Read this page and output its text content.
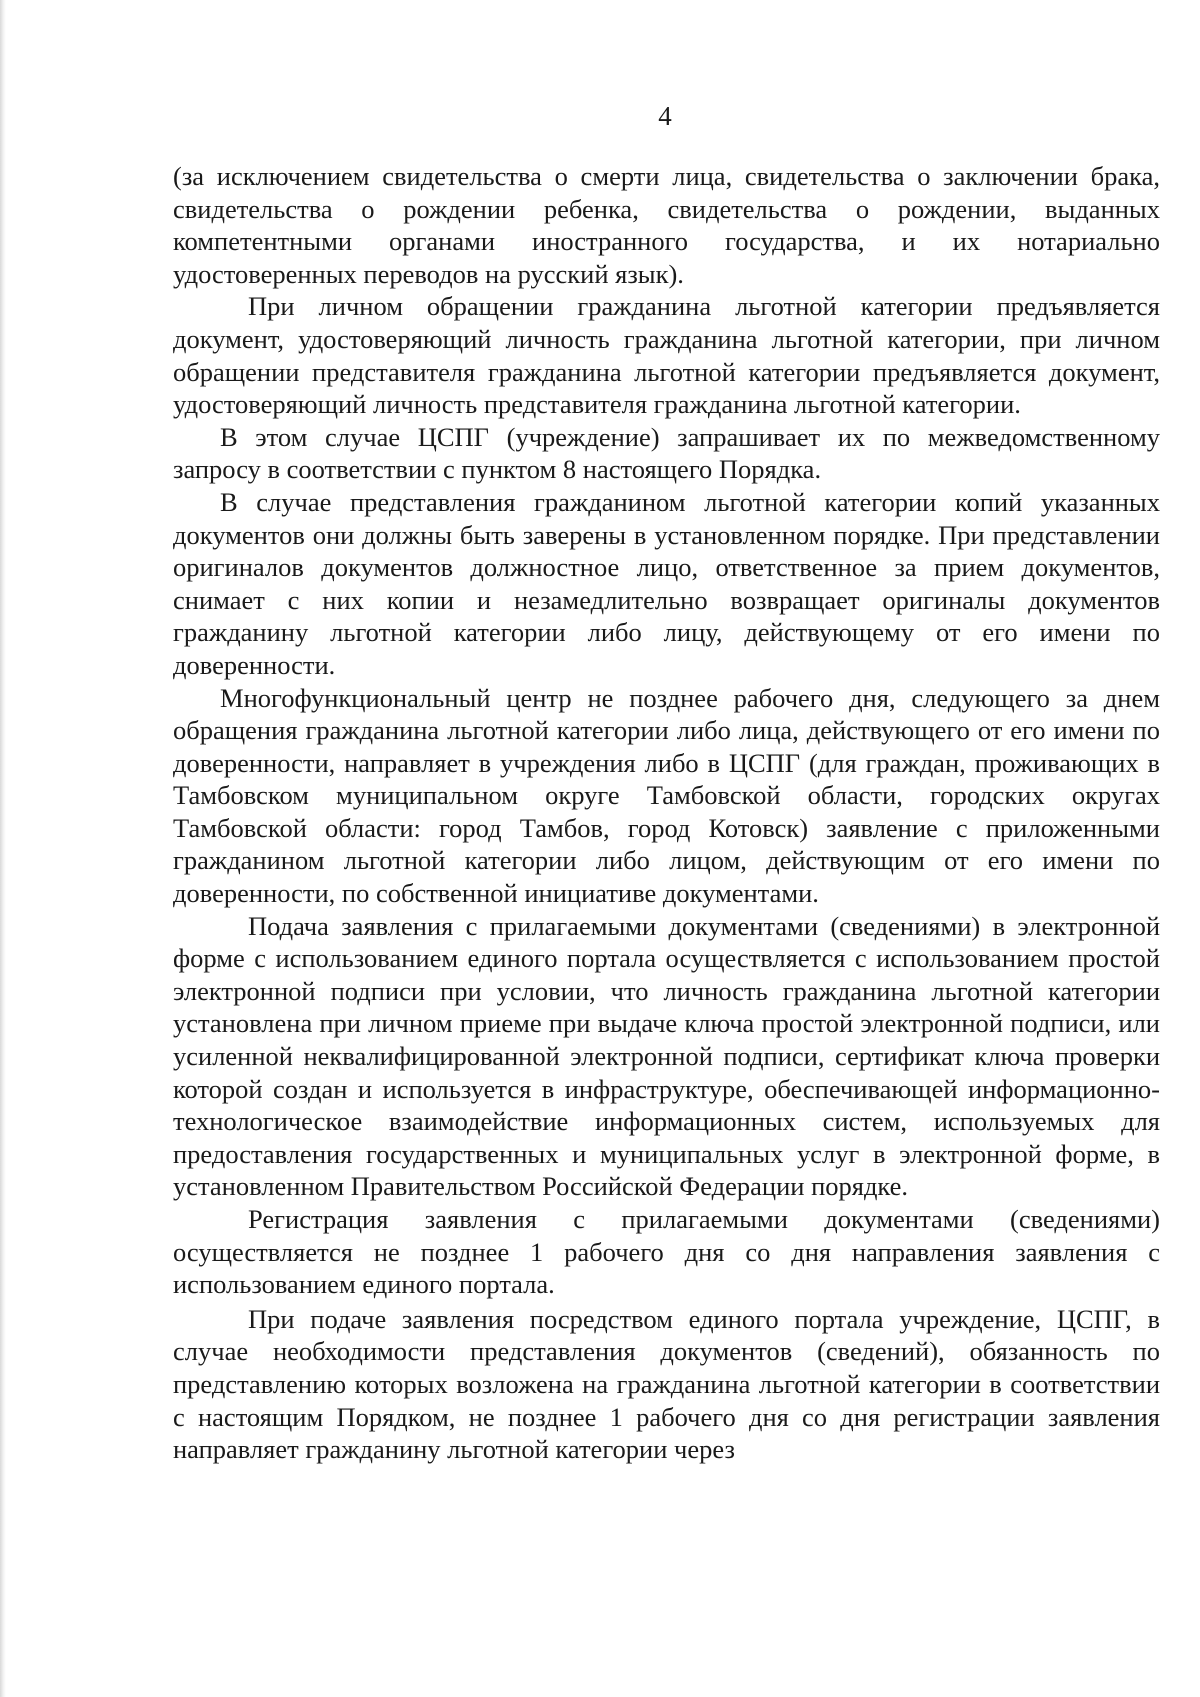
4

(за исключением свидетельства о смерти лица, свидетельства о заключении брака, свидетельства о рождении ребенка, свидетельства о рождении, выданных компетентными органами иностранного государства, и их нотариально удостоверенных переводов на русский язык).

При личном обращении гражданина льготной категории предъявляется документ, удостоверяющий личность гражданина льготной категории, при личном обращении представителя гражданина льготной категории предъявляется документ, удостоверяющий личность представителя гражданина льготной категории.

В этом случае ЦСПГ (учреждение) запрашивает их по межведомственному запросу в соответствии с пунктом 8 настоящего Порядка.

В случае представления гражданином льготной категории копий указанных документов они должны быть заверены в установленном порядке. При представлении оригиналов документов должностное лицо, ответственное за прием документов, снимает с них копии и незамедлительно возвращает оригиналы документов гражданину льготной категории либо лицу, действующему от его имени по доверенности.

Многофункциональный центр не позднее рабочего дня, следующего за днем обращения гражданина льготной категории либо лица, действующего от его имени по доверенности, направляет в учреждения либо в ЦСПГ (для граждан, проживающих в Тамбовском муниципальном округе Тамбовской области, городских округах Тамбовской области: город Тамбов, город Котовск) заявление с приложенными гражданином льготной категории либо лицом, действующим от его имени по доверенности, по собственной инициативе документами.

Подача заявления с прилагаемыми документами (сведениями) в электронной форме с использованием единого портала осуществляется с использованием простой электронной подписи при условии, что личность гражданина льготной категории установлена при личном приеме при выдаче ключа простой электронной подписи, или усиленной неквалифицированной электронной подписи, сертификат ключа проверки которой создан и используется в инфраструктуре, обеспечивающей информационно-технологическое взаимодействие информационных систем, используемых для предоставления государственных и муниципальных услуг в электронной форме, в установленном Правительством Российской Федерации порядке.

Регистрация заявления с прилагаемыми документами (сведениями) осуществляется не позднее 1 рабочего дня со дня направления заявления с использованием единого портала.

При подаче заявления посредством единого портала учреждение, ЦСПГ, в случае необходимости представления документов (сведений), обязанность по представлению которых возложена на гражданина льготной категории в соответствии с настоящим Порядком, не позднее 1 рабочего дня со дня регистрации заявления направляет гражданину льготной категории через
